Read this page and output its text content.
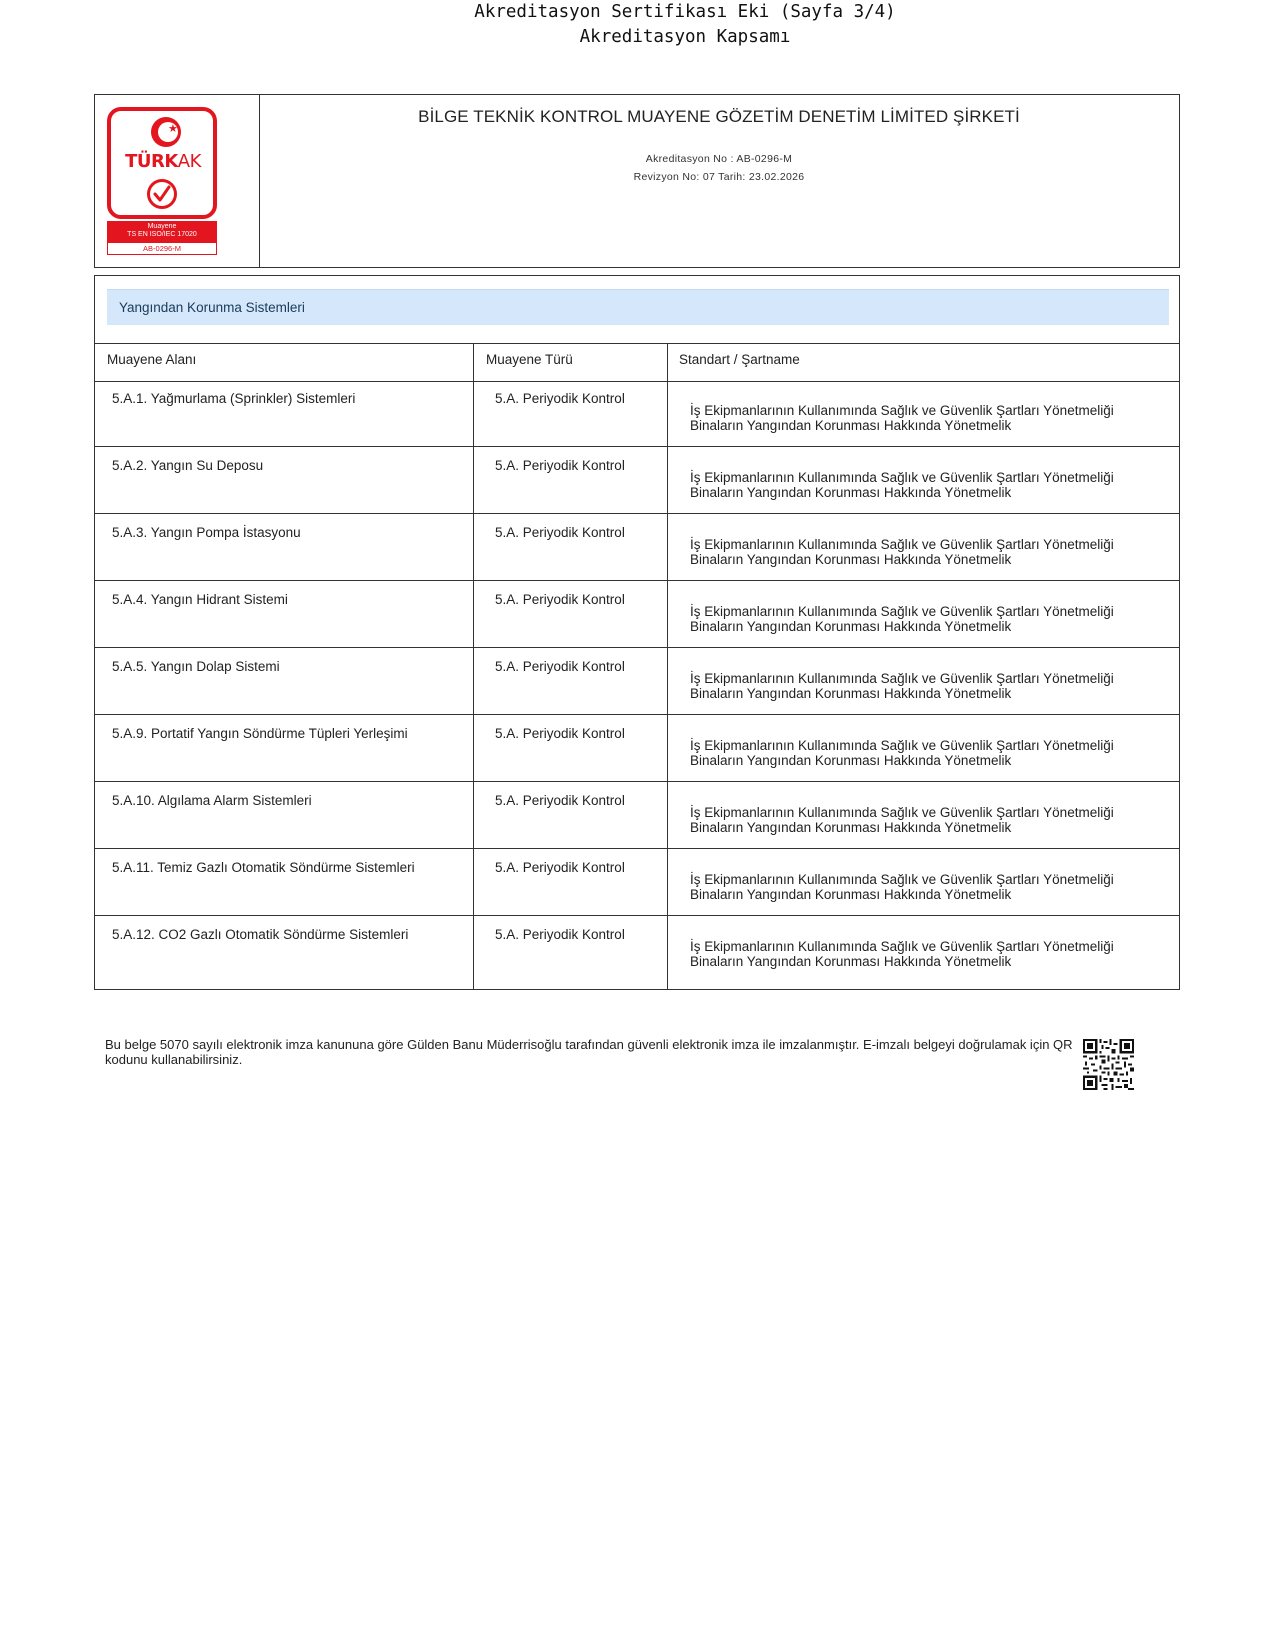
Akreditasyon Sertifikası Eki (Sayfa 3/4)
Akreditasyon Kapsamı
★
TÜRKAK
Muayene
TS EN ISO/IEC 17020
AB-0296-M
BİLGE TEKNİK KONTROL MUAYENE GÖZETİM DENETİM LİMİTED ŞİRKETİ
Akreditasyon No : AB-0296-M
Revizyon No: 07 Tarih: 23.02.2026
Yangından Korunma Sistemleri
Muayene Alanı	Muayene Türü	Standart / Şartname
5.A.1. Yağmurlama (Sprinkler) Sistemleri	5.A. Periyodik Kontrol
İş Ekipmanlarının Kullanımında Sağlık ve Güvenlik Şartları Yönetmeliği
Binaların Yangından Korunması Hakkında Yönetmelik
5.A.2. Yangın Su Deposu	5.A. Periyodik Kontrol
İş Ekipmanlarının Kullanımında Sağlık ve Güvenlik Şartları Yönetmeliği
Binaların Yangından Korunması Hakkında Yönetmelik
5.A.3. Yangın Pompa İstasyonu	5.A. Periyodik Kontrol
İş Ekipmanlarının Kullanımında Sağlık ve Güvenlik Şartları Yönetmeliği
Binaların Yangından Korunması Hakkında Yönetmelik
5.A.4. Yangın Hidrant Sistemi	5.A. Periyodik Kontrol
İş Ekipmanlarının Kullanımında Sağlık ve Güvenlik Şartları Yönetmeliği
Binaların Yangından Korunması Hakkında Yönetmelik
5.A.5. Yangın Dolap Sistemi	5.A. Periyodik Kontrol
İş Ekipmanlarının Kullanımında Sağlık ve Güvenlik Şartları Yönetmeliği
Binaların Yangından Korunması Hakkında Yönetmelik
5.A.9. Portatif Yangın Söndürme Tüpleri Yerleşimi	5.A. Periyodik Kontrol
İş Ekipmanlarının Kullanımında Sağlık ve Güvenlik Şartları Yönetmeliği
Binaların Yangından Korunması Hakkında Yönetmelik
5.A.10. Algılama Alarm Sistemleri	5.A. Periyodik Kontrol
İş Ekipmanlarının Kullanımında Sağlık ve Güvenlik Şartları Yönetmeliği
Binaların Yangından Korunması Hakkında Yönetmelik
5.A.11. Temiz Gazlı Otomatik Söndürme Sistemleri	5.A. Periyodik Kontrol
İş Ekipmanlarının Kullanımında Sağlık ve Güvenlik Şartları Yönetmeliği
Binaların Yangından Korunması Hakkında Yönetmelik
5.A.12. CO2 Gazlı Otomatik Söndürme Sistemleri	5.A. Periyodik Kontrol
İş Ekipmanlarının Kullanımında Sağlık ve Güvenlik Şartları Yönetmeliği
Binaların Yangından Korunması Hakkında Yönetmelik
Bu belge 5070 sayılı elektronik imza kanununa göre Gülden Banu Müderrisoğlu tarafından güvenli elektronik imza ile imzalanmıştır. E-imzalı belgeyi doğrulamak için QR
kodunu kullanabilirsiniz.
